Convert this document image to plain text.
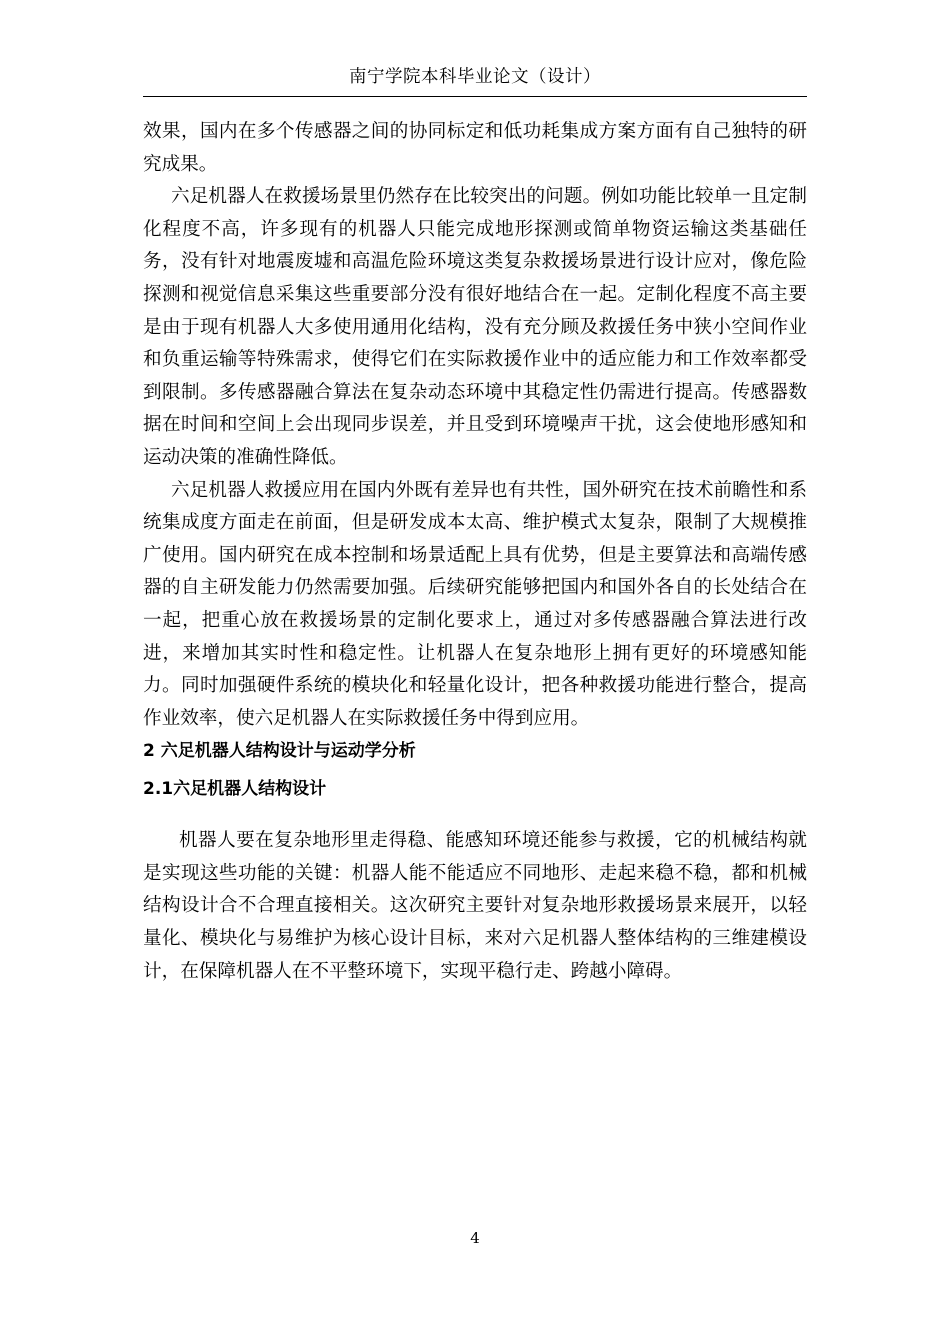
南宁学院本科毕业论文（设计）

效果，国内在多个传感器之间的协同标定和低功耗集成方案方面有自己独特的研究成果。

六足机器人在救援场景里仍然存在比较突出的问题。例如功能比较单一且定制化程度不高，许多现有的机器人只能完成地形探测或简单物资运输这类基础任务，没有针对地震废墟和高温危险环境这类复杂救援场景进行设计应对，像危险探测和视觉信息采集这些重要部分没有很好地结合在一起。定制化程度不高主要是由于现有机器人大多使用通用化结构，没有充分顾及救援任务中狭小空间作业和负重运输等特殊需求，使得它们在实际救援作业中的适应能力和工作效率都受到限制。多传感器融合算法在复杂动态环境中其稳定性仍需进行提高。传感器数据在时间和空间上会出现同步误差，并且受到环境噪声干扰，这会使地形感知和运动决策的准确性降低。

六足机器人救援应用在国内外既有差异也有共性，国外研究在技术前瞻性和系统集成度方面走在前面，但是研发成本太高、维护模式太复杂，限制了大规模推广使用。国内研究在成本控制和场景适配上具有优势，但是主要算法和高端传感器的自主研发能力仍然需要加强。后续研究能够把国内和国外各自的长处结合在一起，把重心放在救援场景的定制化要求上，通过对多传感器融合算法进行改进，来增加其实时性和稳定性。让机器人在复杂地形上拥有更好的环境感知能力。同时加强硬件系统的模块化和轻量化设计，把各种救援功能进行整合，提高作业效率，使六足机器人在实际救援任务中得到应用。

2 六足机器人结构设计与运动学分析
2.1六足机器人结构设计

机器人要在复杂地形里走得稳、能感知环境还能参与救援，它的机械结构就是实现这些功能的关键：机器人能不能适应不同地形、走起来稳不稳，都和机械结构设计合不合理直接相关。这次研究主要针对复杂地形救援场景来展开，以轻量化、模块化与易维护为核心设计目标，来对六足机器人整体结构的三维建模设计，在保障机器人在不平整环境下，实现平稳行走、跨越小障碍。

4
